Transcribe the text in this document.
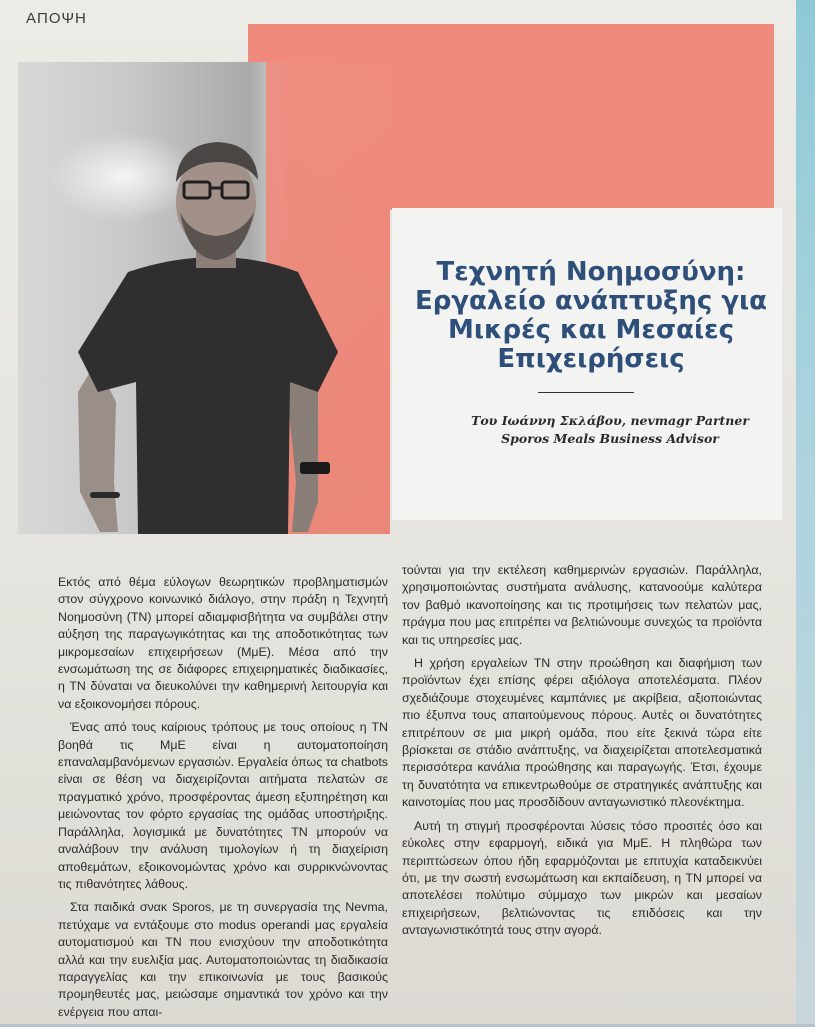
ΑΠΟΨΗ
Τεχνητή Νοημοσύνη: Εργαλείο ανάπτυξης για Μικρές και Μεσαίες Επιχειρήσεις
Του Ιωάννη Σκλάβου, nevmagr Partner
Sporos Meals Business Advisor

Εκτός από θέμα εύλογων θεωρητικών προβληματισμών στον σύγχρονο κοινωνικό διάλογο, στην πράξη η Τεχνητή Νοημοσύνη (ΤΝ) μπορεί αδιαμφισβήτητα να συμβάλει στην αύξηση της παραγωγικότητας και της αποδοτικότητας των μικρομεσαίων επιχειρήσεων (ΜμΕ). Μέσα από την ενσωμάτωση της σε διάφορες επιχειρηματικές διαδικασίες, η ΤΝ δύναται να διευκολύνει την καθημερινή λειτουργία και να εξοικονομήσει πόρους.

Ένας από τους καίριους τρόπους με τους οποίους η ΤΝ βοηθά τις ΜμΕ είναι η αυτοματοποίηση επαναλαμβανόμενων εργασιών. Εργαλεία όπως τα chatbots είναι σε θέση να διαχειρίζονται αιτήματα πελατών σε πραγματικό χρόνο, προσφέροντας άμεση εξυπηρέτηση και μειώνοντας τον φόρτο εργασίας της ομάδας υποστήριξης. Παράλληλα, λογισμικά με δυνατότητες ΤΝ μπορούν να αναλάβουν την ανάλυση τιμολογίων ή τη διαχείριση αποθεμάτων, εξοικονομώντας χρόνο και συρρικνώνοντας τις πιθανότητες λάθους.

Στα παιδικά σνακ Sporos, με τη συνεργασία της Nevma, πετύχαμε να εντάξουμε στο modus operandi μας εργαλεία αυτοματισμού και ΤΝ που ενισχύουν την αποδοτικότητα αλλά και την ευελιξία μας. Αυτοματοποιώντας τη διαδικασία παραγγελίας και την επικοινωνία με τους βασικούς προμηθευτές μας, μειώσαμε σημαντικά τον χρόνο και την ενέργεια που απαι-

τούνται για την εκτέλεση καθημερινών εργασιών. Παράλληλα, χρησιμοποιώντας συστήματα ανάλυσης, κατανοούμε καλύτερα τον βαθμό ικανοποίησης και τις προτιμήσεις των πελατών μας, πράγμα που μας επιτρέπει να βελτιώνουμε συνεχώς τα προϊόντα και τις υπηρεσίες μας.

Η χρήση εργαλείων ΤΝ στην προώθηση και διαφήμιση των προϊόντων έχει επίσης φέρει αξιόλογα αποτελέσματα. Πλέον σχεδιάζουμε στοχευμένες καμπάνιες με ακρίβεια, αξιοποιώντας πιο έξυπνα τους απαιτούμενους πόρους. Αυτές οι δυνατότητες επιτρέπουν σε μια μικρή ομάδα, που είτε ξεκινά τώρα είτε βρίσκεται σε στάδιο ανάπτυξης, να διαχειρίζεται αποτελεσματικά περισσότερα κανάλια προώθησης και παραγωγής. Έτσι, έχουμε τη δυνατότητα να επικεντρωθούμε σε στρατηγικές ανάπτυξης και καινοτομίας που μας προσδίδουν ανταγωνιστικό πλεονέκτημα.

Αυτή τη στιγμή προσφέρονται λύσεις τόσο προσιτές όσο και εύκολες στην εφαρμογή, ειδικά για ΜμΕ. Η πληθώρα των περιπτώσεων όπου ήδη εφαρμόζονται με επιτυχία καταδεικνύει ότι, με την σωστή ενσωμάτωση και εκπαίδευση, η ΤΝ μπορεί να αποτελέσει πολύτιμο σύμμαχο των μικρών και μεσαίων επιχειρήσεων, βελτιώνοντας τις επιδόσεις και την ανταγωνιστικότητά τους στην αγορά.
